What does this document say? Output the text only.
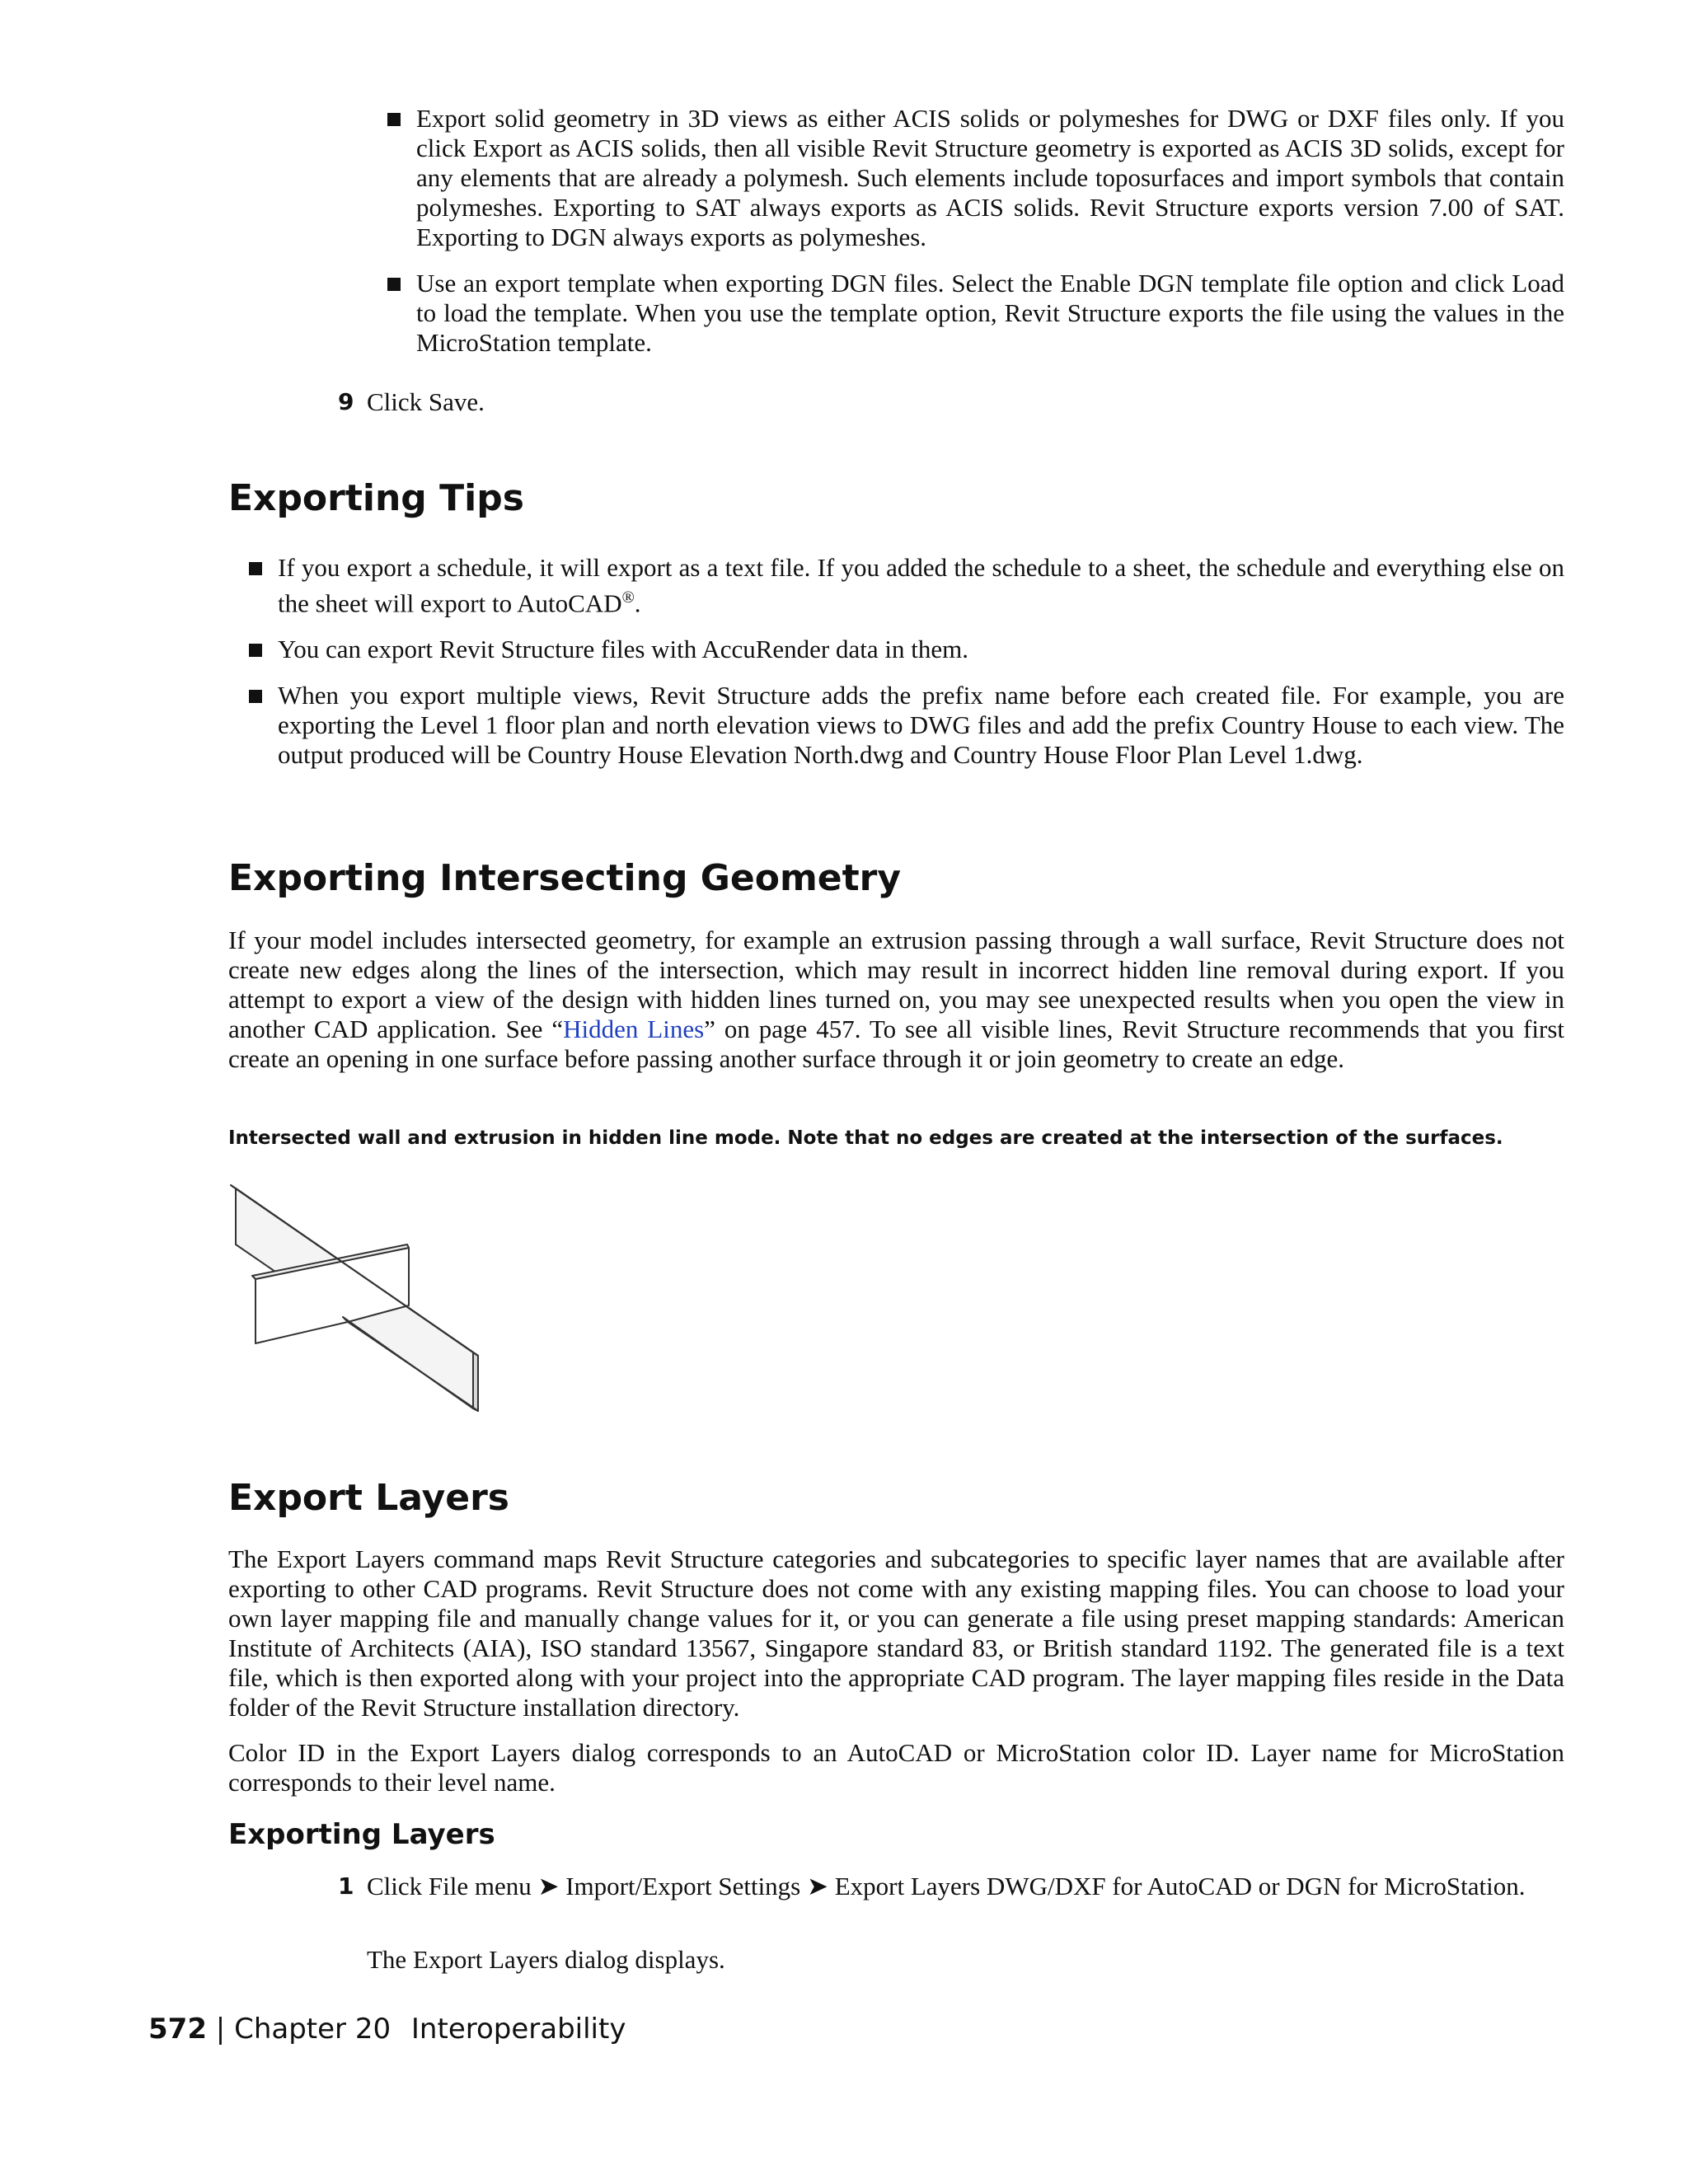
Export solid geometry in 3D views as either ACIS solids or polymeshes for DWG or DXF files only. If you click Export as ACIS solids, then all visible Revit Structure geometry is exported as ACIS 3D solids, except for any elements that are already a polymesh. Such elements include toposurfaces and import symbols that contain polymeshes. Exporting to SAT always exports as ACIS solids. Revit Structure exports version 7.00 of SAT. Exporting to DGN always exports as polymeshes.
Use an export template when exporting DGN files. Select the Enable DGN template file option and click Load to load the template. When you use the template option, Revit Structure exports the file using the values in the MicroStation template.
9 Click Save.
Exporting Tips
If you export a schedule, it will export as a text file. If you added the schedule to a sheet, the schedule and everything else on the sheet will export to AutoCAD®.
You can export Revit Structure files with AccuRender data in them.
When you export multiple views, Revit Structure adds the prefix name before each created file. For example, you are exporting the Level 1 floor plan and north elevation views to DWG files and add the prefix Country House to each view. The output produced will be Country House Elevation North.dwg and Country House Floor Plan Level 1.dwg.
Exporting Intersecting Geometry

If your model includes intersected geometry, for example an extrusion passing through a wall surface, Revit Structure does not create new edges along the lines of the intersection, which may result in incorrect hidden line removal during export. If you attempt to export a view of the design with hidden lines turned on, you may see unexpected results when you open the view in another CAD application. See “Hidden Lines” on page 457. To see all visible lines, Revit Structure recommends that you first create an opening in one surface before passing another surface through it or join geometry to create an edge.

Intersected wall and extrusion in hidden line mode. Note that no edges are created at the intersection of the surfaces.

Export Layers

The Export Layers command maps Revit Structure categories and subcategories to specific layer names that are available after exporting to other CAD programs. Revit Structure does not come with any existing mapping files. You can choose to load your own layer mapping file and manually change values for it, or you can generate a file using preset mapping standards: American Institute of Architects (AIA), ISO standard 13567, Singapore standard 83, or British standard 1192. The generated file is a text file, which is then exported along with your project into the appropriate CAD program. The layer mapping files reside in the Data folder of the Revit Structure installation directory.

Color ID in the Export Layers dialog corresponds to an AutoCAD or MicroStation color ID. Layer name for MicroStation corresponds to their level name.

Exporting Layers
1 Click File menu ➤ Import/Export Settings ➤ Export Layers DWG/DXF for AutoCAD or DGN for MicroStation.

The Export Layers dialog displays.

572 | Chapter 20 Interoperability
